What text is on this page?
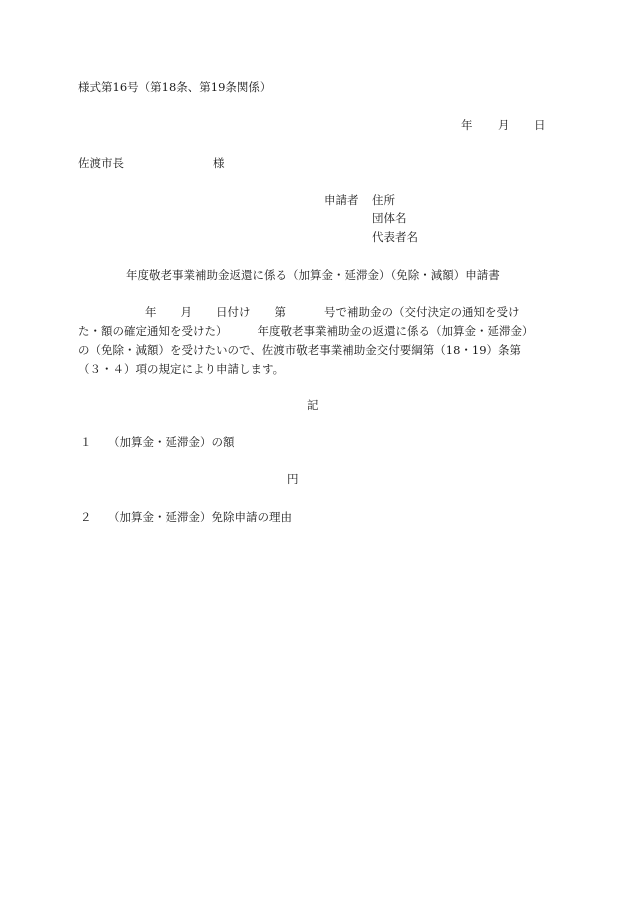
様式第16号（第18条、第19条関係）
年 月 日
佐渡市長	様
申請者 住所
団体名
代表者名
年度敬老事業補助金返還に係る（加算金・延滞金）（免除・減額）申請書
年 月 日付け 第	号で補助金の（交付決定の通知を受け
た・額の確定通知を受けた）	年度敬老事業補助金の返還に係る（加算金・延滞金）
の（免除・減額）を受けたいので、佐渡市敬老事業補助金交付要綱第（18・19）条第
（３・４）項の規定により申請します。
記
１ （加算金・延滞金）の額
円
２ （加算金・延滞金）免除申請の理由
